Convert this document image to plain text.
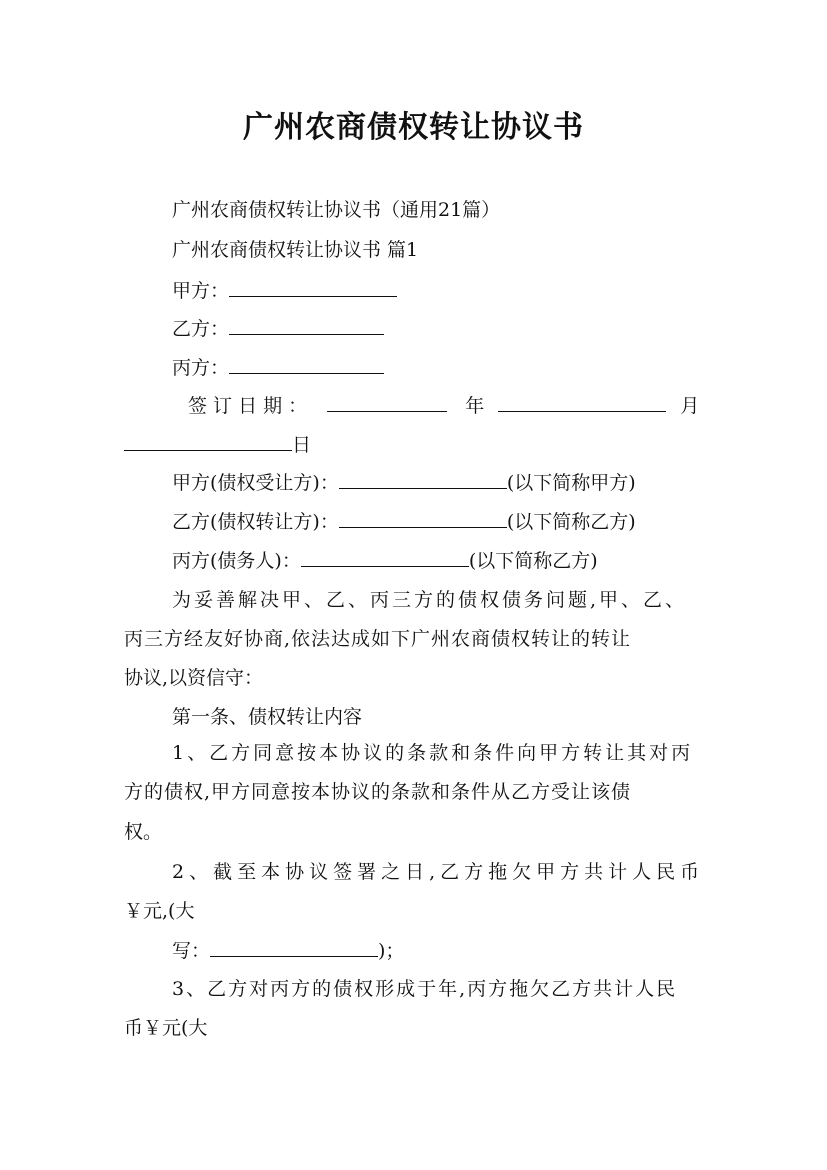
广州农商债权转让协议书
广州农商债权转让协议书（通用21篇）
广州农商债权转让协议书 篇1
甲方：
乙方：
丙方：
签 订 日 期 ：	年	月
日
甲方(债权受让方)：	(以下简称甲方)
乙方(债权转让方)：	(以下简称乙方)
丙方(债务人)：	(以下简称乙方)
为妥善解决甲、乙、丙三方的债权债务问题,甲、乙、
丙三方经友好协商,依法达成如下广州农商债权转让的转让
协议,以资信守：
第一条、债权转让内容
1、乙方同意按本协议的条款和条件向甲方转让其对丙
方的债权,甲方同意按本协议的条款和条件从乙方受让该债
权。
2、截至本协议签署之日,乙方拖欠甲方共计人民币
￥元,(大
写：	)；
3、乙方对丙方的债权形成于年,丙方拖欠乙方共计人民
币￥元(大
